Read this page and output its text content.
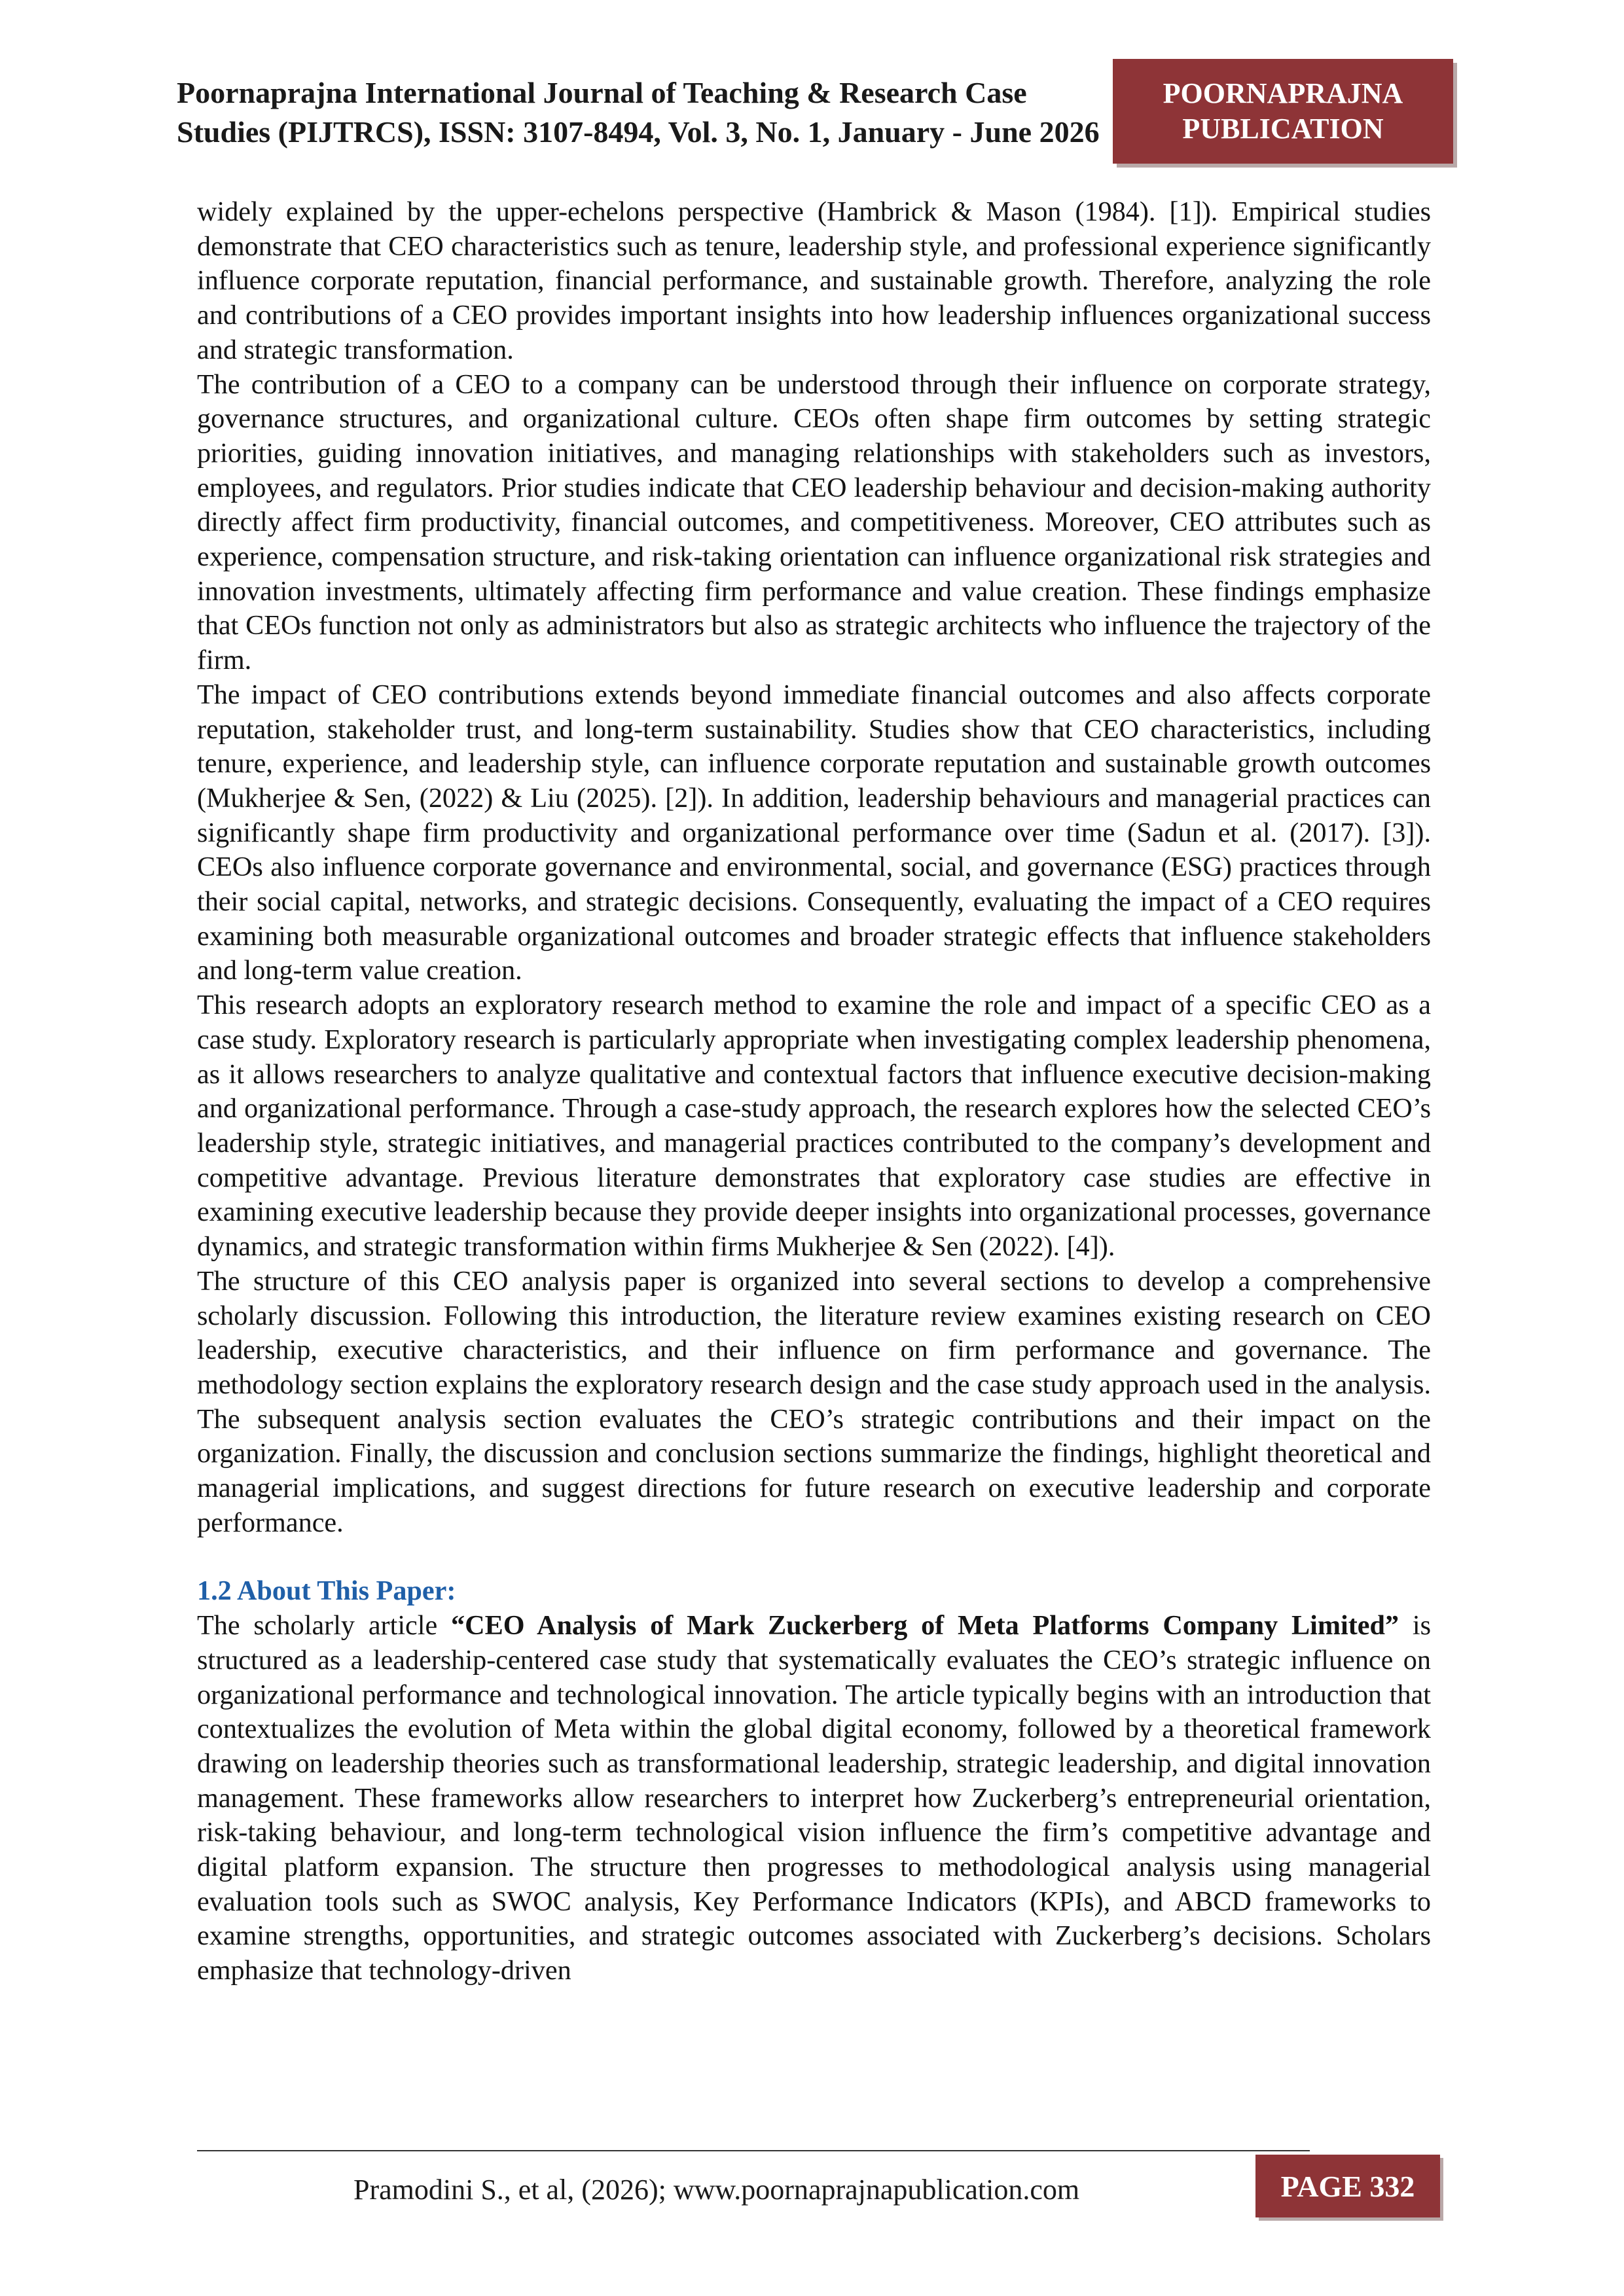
Poornaprajna International Journal of Teaching & Research Case
Studies (PIJTRCS), ISSN: 3107-8494, Vol. 3, No. 1, January - June 2026
POORNAPRAJNA
PUBLICATION

widely explained by the upper-echelons perspective (Hambrick & Mason (1984). [1]). Empirical studies demonstrate that CEO characteristics such as tenure, leadership style, and professional experience significantly influence corporate reputation, financial performance, and sustainable growth. Therefore, analyzing the role and contributions of a CEO provides important insights into how leadership influences organizational success and strategic transformation.

The contribution of a CEO to a company can be understood through their influence on corporate strategy, governance structures, and organizational culture. CEOs often shape firm outcomes by setting strategic priorities, guiding innovation initiatives, and managing relationships with stakeholders such as investors, employees, and regulators. Prior studies indicate that CEO leadership behaviour and decision-making authority directly affect firm productivity, financial outcomes, and competitiveness. Moreover, CEO attributes such as experience, compensation structure, and risk-taking orientation can influence organizational risk strategies and innovation investments, ultimately affecting firm performance and value creation. These findings emphasize that CEOs function not only as administrators but also as strategic architects who influence the trajectory of the firm.

The impact of CEO contributions extends beyond immediate financial outcomes and also affects corporate reputation, stakeholder trust, and long-term sustainability. Studies show that CEO characteristics, including tenure, experience, and leadership style, can influence corporate reputation and sustainable growth outcomes (Mukherjee & Sen, (2022) & Liu (2025). [2]). In addition, leadership behaviours and managerial practices can significantly shape firm productivity and organizational performance over time (Sadun et al. (2017). [3]). CEOs also influence corporate governance and environmental, social, and governance (ESG) practices through their social capital, networks, and strategic decisions. Consequently, evaluating the impact of a CEO requires examining both measurable organizational outcomes and broader strategic effects that influence stakeholders and long-term value creation.

This research adopts an exploratory research method to examine the role and impact of a specific CEO as a case study. Exploratory research is particularly appropriate when investigating complex leadership phenomena, as it allows researchers to analyze qualitative and contextual factors that influence executive decision-making and organizational performance. Through a case-study approach, the research explores how the selected CEO’s leadership style, strategic initiatives, and managerial practices contributed to the company’s development and competitive advantage. Previous literature demonstrates that exploratory case studies are effective in examining executive leadership because they provide deeper insights into organizational processes, governance dynamics, and strategic transformation within firms Mukherjee & Sen (2022). [4]).

The structure of this CEO analysis paper is organized into several sections to develop a comprehensive scholarly discussion. Following this introduction, the literature review examines existing research on CEO leadership, executive characteristics, and their influence on firm performance and governance. The methodology section explains the exploratory research design and the case study approach used in the analysis. The subsequent analysis section evaluates the CEO’s strategic contributions and their impact on the organization. Finally, the discussion and conclusion sections summarize the findings, highlight theoretical and managerial implications, and suggest directions for future research on executive leadership and corporate performance.

1.2 About This Paper:

The scholarly article “CEO Analysis of Mark Zuckerberg of Meta Platforms Company Limited” is structured as a leadership-centered case study that systematically evaluates the CEO’s strategic influence on organizational performance and technological innovation. The article typically begins with an introduction that contextualizes the evolution of Meta within the global digital economy, followed by a theoretical framework drawing on leadership theories such as transformational leadership, strategic leadership, and digital innovation management. These frameworks allow researchers to interpret how Zuckerberg’s entrepreneurial orientation, risk-taking behaviour, and long-term technological vision influence the firm’s competitive advantage and digital platform expansion. The structure then progresses to methodological analysis using managerial evaluation tools such as SWOC analysis, Key Performance Indicators (KPIs), and ABCD frameworks to examine strengths, opportunities, and strategic outcomes associated with Zuckerberg’s decisions. Scholars emphasize that technology-driven

Pramodini S., et al, (2026); www.poornaprajnapublication.com	PAGE 332
